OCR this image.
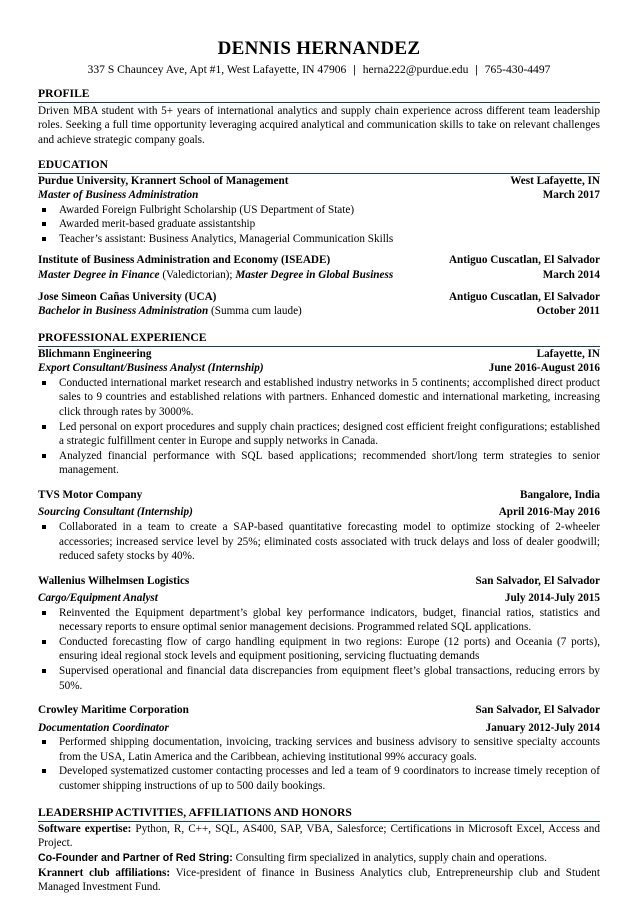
DENNIS HERNANDEZ
337 S Chauncey Ave, Apt #1, West Lafayette, IN 47906 | herna222@purdue.edu | 765-430-4497
PROFILE
Driven MBA student with 5+ years of international analytics and supply chain experience across different team leadership roles. Seeking a full time opportunity leveraging acquired analytical and communication skills to take on relevant challenges and achieve strategic company goals.
EDUCATION
Purdue University, Krannert School of Management	West Lafayette, IN
Master of Business Administration	March 2017
Awarded Foreign Fulbright Scholarship (US Department of State)
Awarded merit-based graduate assistantship
Teacher’s assistant: Business Analytics, Managerial Communication Skills
Institute of Business Administration and Economy (ISEADE)	Antiguo Cuscatlan, El Salvador
Master Degree in Finance (Valedictorian); Master Degree in Global Business	March 2014
Jose Simeon Cañas University (UCA)	Antiguo Cuscatlan, El Salvador
Bachelor in Business Administration (Summa cum laude)	October 2011
PROFESSIONAL EXPERIENCE
Blichmann Engineering	Lafayette, IN
Export Consultant/Business Analyst (Internship)	June 2016-August 2016
Conducted international market research and established industry networks in 5 continents; accomplished direct product sales to 9 countries and established relations with partners. Enhanced domestic and international marketing, increasing click through rates by 3000%.
Led personal on export procedures and supply chain practices; designed cost efficient freight configurations; established a strategic fulfillment center in Europe and supply networks in Canada.
Analyzed financial performance with SQL based applications; recommended short/long term strategies to senior management.
TVS Motor Company	Bangalore, India
Sourcing Consultant (Internship)	April 2016-May 2016
Collaborated in a team to create a SAP-based quantitative forecasting model to optimize stocking of 2-wheeler accessories; increased service level by 25%; eliminated costs associated with truck delays and loss of dealer goodwill; reduced safety stocks by 40%.
Wallenius Wilhelmsen Logistics	San Salvador, El Salvador
Cargo/Equipment Analyst	July 2014-July 2015
Reinvented the Equipment department’s global key performance indicators, budget, financial ratios, statistics and necessary reports to ensure optimal senior management decisions. Programmed related SQL applications.
Conducted forecasting flow of cargo handling equipment in two regions: Europe (12 ports) and Oceania (7 ports), ensuring ideal regional stock levels and equipment positioning, servicing fluctuating demands
Supervised operational and financial data discrepancies from equipment fleet’s global transactions, reducing errors by 50%.
Crowley Maritime Corporation	San Salvador, El Salvador
Documentation Coordinator	January 2012-July 2014
Performed shipping documentation, invoicing, tracking services and business advisory to sensitive specialty accounts from the USA, Latin America and the Caribbean, achieving institutional 99% accuracy goals.
Developed systematized customer contacting processes and led a team of 9 coordinators to increase timely reception of customer shipping instructions of up to 500 daily bookings.
LEADERSHIP ACTIVITIES, AFFILIATIONS AND HONORS
Software expertise: Python, R, C++, SQL, AS400, SAP, VBA, Salesforce; Certifications in Microsoft Excel, Access and Project.
Co-Founder and Partner of Red String: Consulting firm specialized in analytics, supply chain and operations.
Krannert club affiliations: Vice-president of finance in Business Analytics club, Entrepreneurship club and Student Managed Investment Fund.
